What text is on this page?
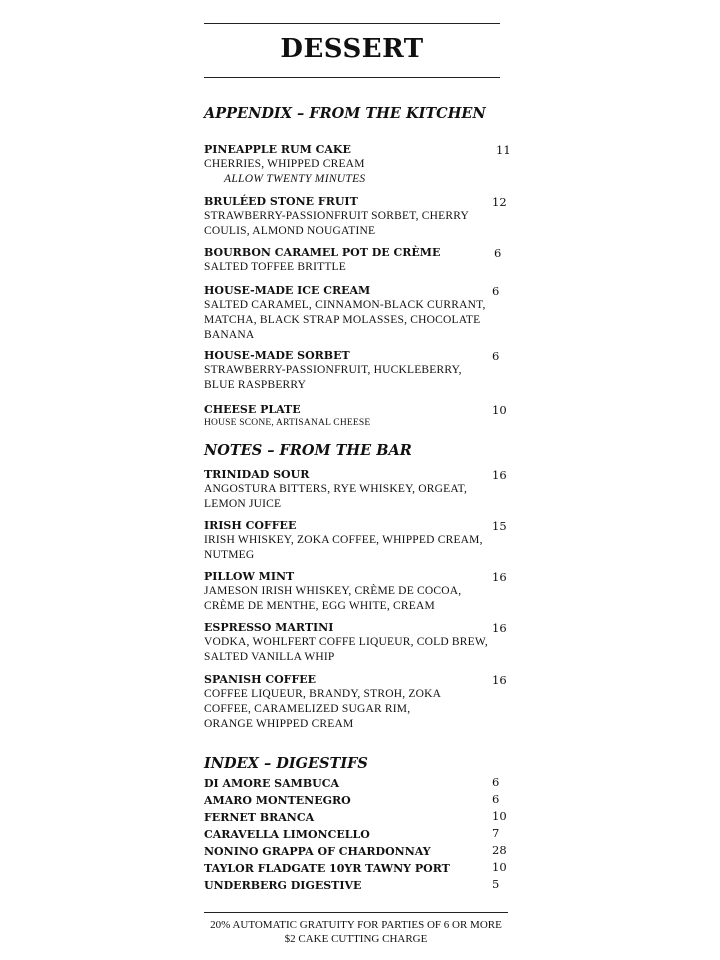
DESSERT
APPENDIX – FROM THE KITCHEN
PINEAPPLE RUM CAKE	11
CHERRIES, WHIPPED CREAM
ALLOW TWENTY MINUTES
BRULÉED STONE FRUIT	12
STRAWBERRY-PASSIONFRUIT SORBET, CHERRY COULIS, ALMOND NOUGATINE
BOURBON CARAMEL POT DE CRÈME	6
SALTED TOFFEE BRITTLE
HOUSE-MADE ICE CREAM	6
SALTED CARAMEL, CINNAMON-BLACK CURRANT, MATCHA, BLACK STRAP MOLASSES, CHOCOLATE BANANA
HOUSE-MADE SORBET	6
STRAWBERRY-PASSIONFRUIT, HUCKLEBERRY, BLUE RASPBERRY
CHEESE PLATE	10
HOUSE SCONE, ARTISANAL CHEESE
NOTES – FROM THE BAR
TRINIDAD SOUR	16
ANGOSTURA BITTERS, RYE WHISKEY, ORGEAT, LEMON JUICE
IRISH COFFEE	15
IRISH WHISKEY, ZOKA COFFEE, WHIPPED CREAM, NUTMEG
PILLOW MINT	16
JAMESON IRISH WHISKEY, CRÈME DE COCOA, CRÈME DE MENTHE, EGG WHITE, CREAM
ESPRESSO MARTINI	16
VODKA, WOHLFERT COFFE LIQUEUR, COLD BREW, SALTED VANILLA WHIP
SPANISH COFFEE	16
COFFEE LIQUEUR, BRANDY, STROH, ZOKA COFFEE, CARAMELIZED SUGAR RIM, ORANGE WHIPPED CREAM
INDEX – DIGESTIFS
DI AMORE SAMBUCA	6
AMARO MONTENEGRO	6
FERNET BRANCA	10
CARAVELLA LIMONCELLO	7
NONINO GRAPPA OF CHARDONNAY	28
TAYLOR FLADGATE 10YR TAWNY PORT	10
UNDERBERG DIGESTIVE	5
20% AUTOMATIC GRATUITY FOR PARTIES OF 6 OR MORE
$2 CAKE CUTTING CHARGE
